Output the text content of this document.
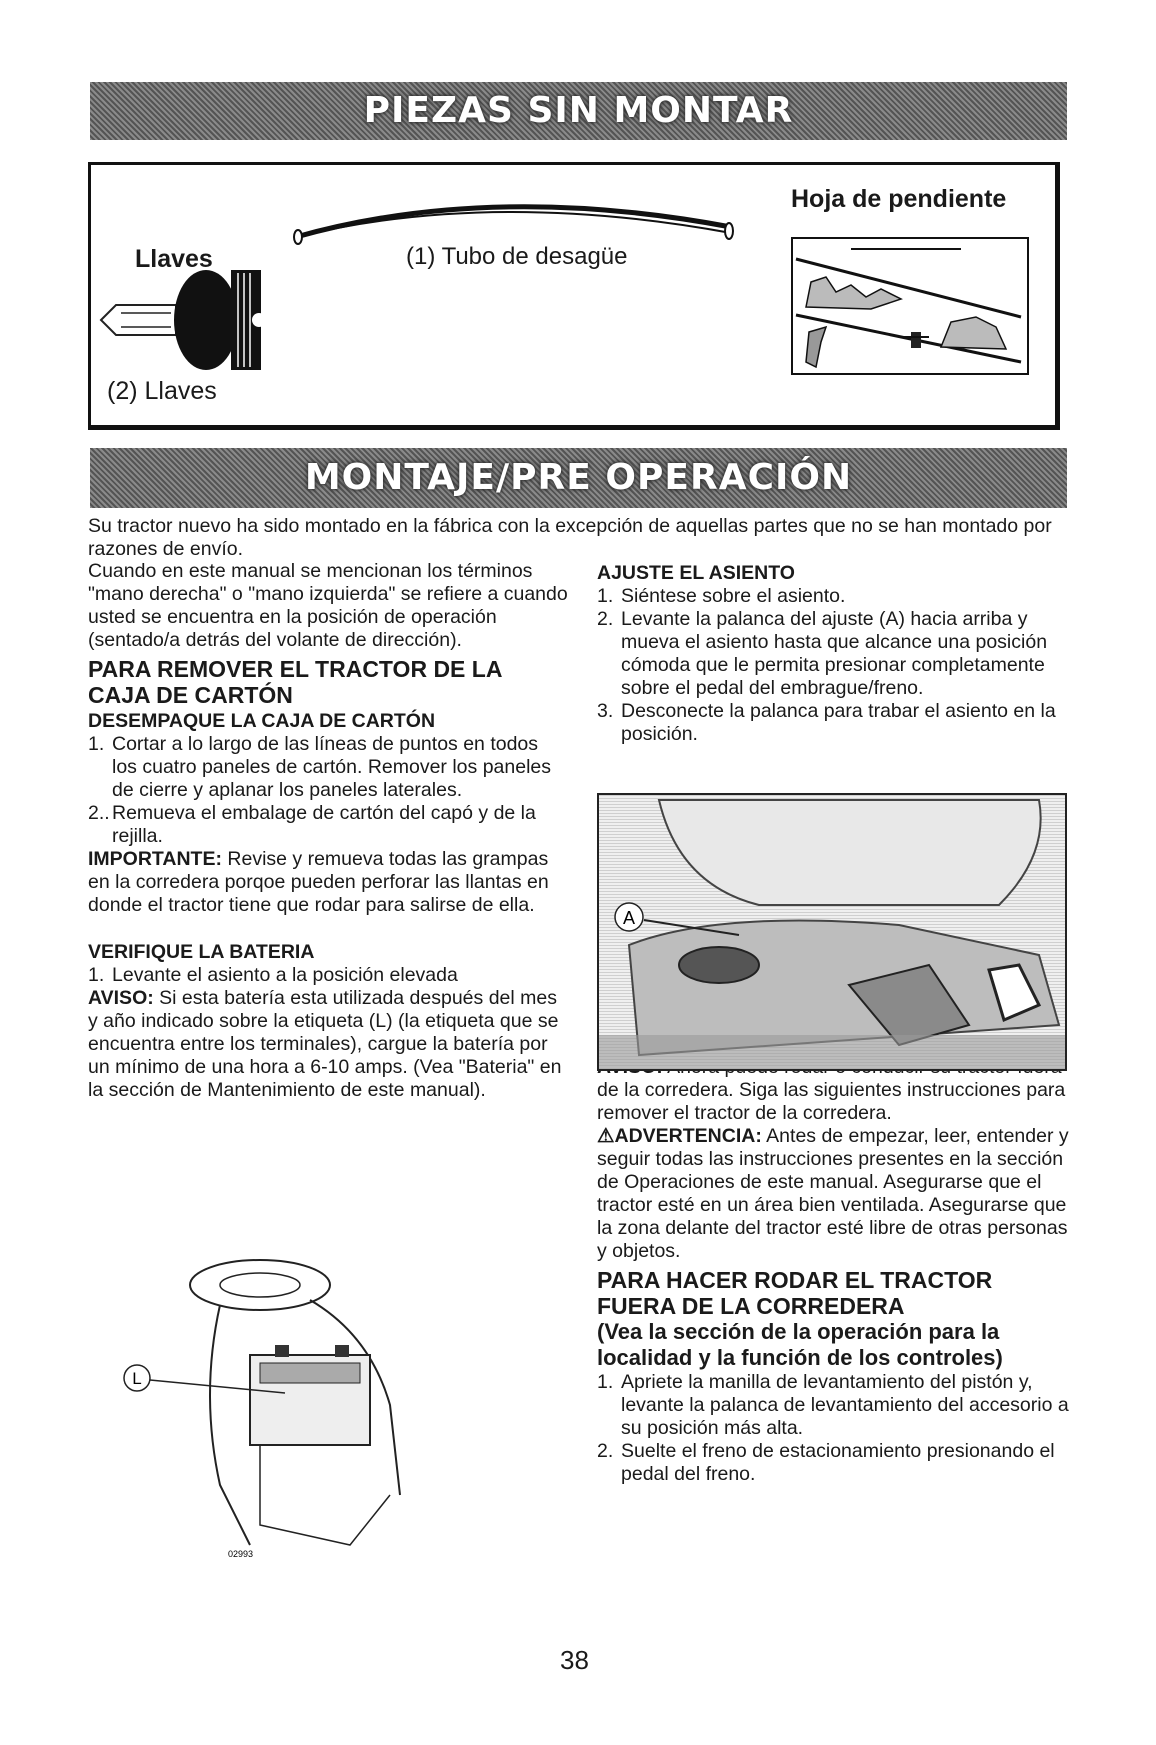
PIEZAS SIN MONTAR
Llaves
(2) Llaves
(1) Tubo de desagüe
Hoja de pendiente
MONTAJE/PRE OPERACIÓN
Su tractor nuevo ha sido montado en la fábrica con la excepción de aquellas partes que no se han montado por razones de envío.

Cuando en este manual se mencionan los términos "mano derecha" o "mano izquierda" se refiere a cuando usted se encuentra en la posición de operación (sentado/a detrás del volante de dirección).

PARA REMOVER EL TRACTOR DE LA CAJA DE CARTÓN
DESEMPAQUE LA CAJA DE CARTÓN
1. Cortar a lo largo de las líneas de puntos en todos los cuatro paneles de cartón. Remover los paneles de cierre y aplanar los paneles laterales.
2.. Remueva el embalage de cartón del capó y de la rejilla.

IMPORTANTE: Revise y remueva todas las grampas en la corredera porqoe pueden perforar las llantas en donde el tractor tiene que rodar para salirse de ella.

VERIFIQUE LA BATERIA
1. Levante el asiento a la posición elevada

AVISO: Si esta batería esta utilizada después del mes y año indicado sobre la etiqueta (L) (la etiqueta que se encuentra entre los terminales), cargue la batería por un mínimo de una hora a 6-10 amps. (Vea "Bateria" en la sección de Mantenimiento de este manual).

L
02993
AJUSTE EL ASIENTO
1. Siéntese sobre el asiento.
2. Levante la palanca del ajuste (A) hacia arriba y mueva el asiento hasta que alcance una posición cómoda que le permita presionar completamente sobre el pedal del embrague/freno.
3. Desconecte la palanca para trabar el asiento en la posición.

de la corredera. Siga las siguientes instrucciones para remover el tractor de la corredera.

⚠ADVERTENCIA: Antes de empezar, leer, entender y seguir todas las instrucciones presentes en la sección de Operaciones de este manual. Asegurarse que el tractor esté en un área bien ventilada. Asegurarse que la zona delante del tractor esté libre de otras personas y objetos.

PARA HACER RODAR EL TRACTOR FUERA DE LA CORREDERA
(Vea la sección de la operación para la localidad y la función de los controles)
1. Apriete la manilla de levantamiento del pistón y, levante la palanca de levantamiento del accesorio a su posición más alta.
2. Suelte el freno de estacionamiento presionando el pedal del freno.
A
38
